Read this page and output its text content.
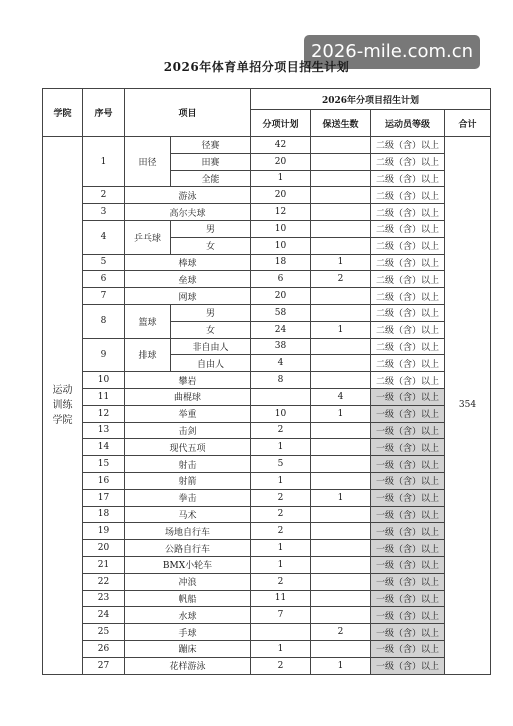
2026-mile.com.cn
2026年体育单招分项目招生计划
学院	序号	项目		2026年分项目招生计划			
				分项计划	保送生数	运动员等级	合计
运动训练学院	1	田径	径赛	42		二级（含）以上	354
			田赛	20		二级（含）以上	
			全能	1		二级（含）以上	
	2	游泳		20		二级（含）以上	
	3	高尔夫球		12		二级（含）以上	
	4	乒乓球	男	10		二级（含）以上	
			女	10		二级（含）以上	
	5	棒球		18	1	二级（含）以上	
	6	垒球		6	2	二级（含）以上	
	7	网球		20		二级（含）以上	
	8	篮球	男	58		二级（含）以上	
			女	24	1	二级（含）以上	
	9	排球	非自由人	38		二级（含）以上	
			自由人	4		二级（含）以上	
	10	攀岩		8		二级（含）以上	
	11	曲棍球			4	一级（含）以上	
	12	举重		10	1	一级（含）以上	
	13	击剑		2		一级（含）以上	
	14	现代五项		1		一级（含）以上	
	15	射击		5		一级（含）以上	
	16	射箭		1		一级（含）以上	
	17	拳击		2	1	一级（含）以上	
	18	马术		2		一级（含）以上	
	19	场地自行车		2		一级（含）以上	
	20	公路自行车		1		一级（含）以上	
	21	BMX小轮车		1		一级（含）以上	
	22	冲浪		2		一级（含）以上	
	23	帆船		11		一级（含）以上	
	24	水球		7		一级（含）以上	
	25	手球			2	一级（含）以上	
	26	蹦床		1		一级（含）以上	
	27	花样游泳		2	1	一级（含）以上	
